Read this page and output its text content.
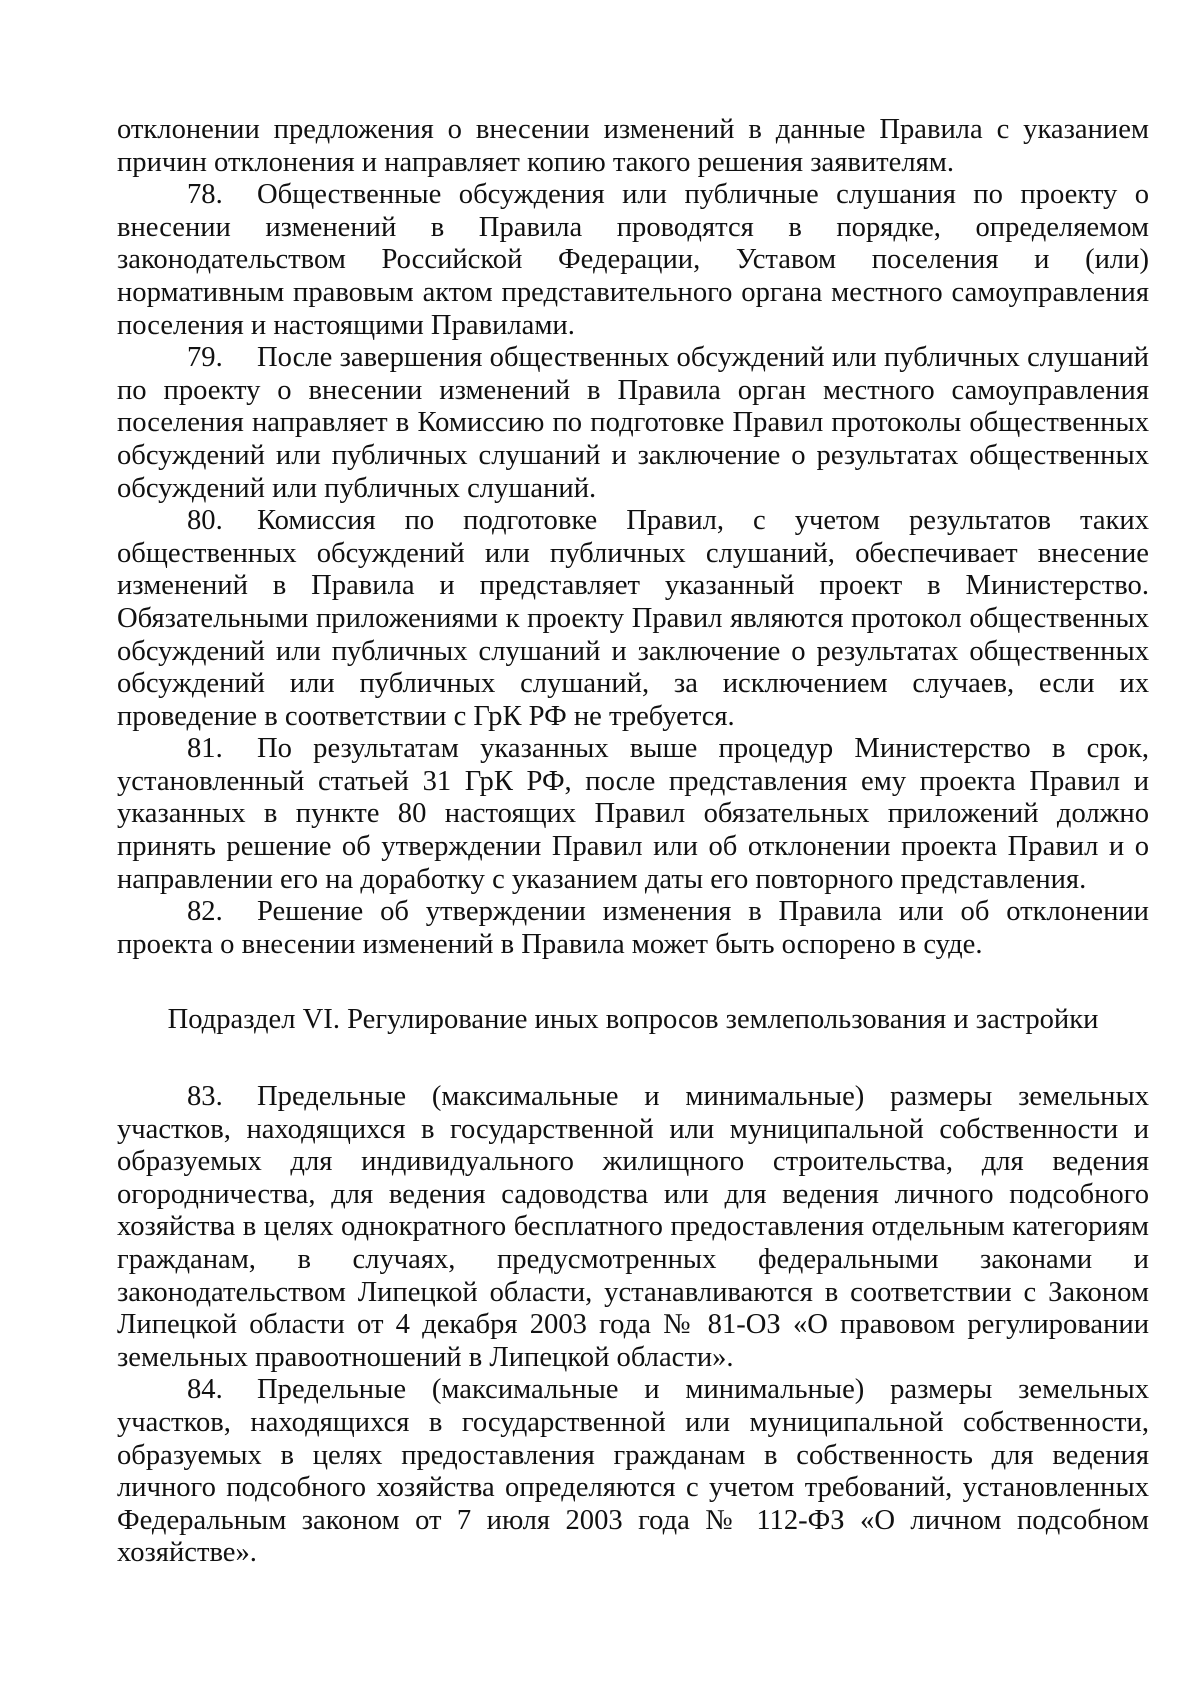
отклонении предложения о внесении изменений в данные Правила с указанием причин отклонения и направляет копию такого решения заявителям.

78. Общественные обсуждения или публичные слушания по проекту о внесении изменений в Правила проводятся в порядке, определяемом законодательством Российской Федерации, Уставом поселения и (или) нормативным правовым актом представительного органа местного самоуправления поселения и настоящими Правилами.

79. После завершения общественных обсуждений или публичных слушаний по проекту о внесении изменений в Правила орган местного самоуправления поселения направляет в Комиссию по подготовке Правил протоколы общественных обсуждений или публичных слушаний и заключение о результатах общественных обсуждений или публичных слушаний.

80. Комиссия по подготовке Правил, с учетом результатов таких общественных обсуждений или публичных слушаний, обеспечивает внесение изменений в Правила и представляет указанный проект в Министерство. Обязательными приложениями к проекту Правил являются протокол общественных обсуждений или публичных слушаний и заключение о результатах общественных обсуждений или публичных слушаний, за исключением случаев, если их проведение в соответствии с ГрК РФ не требуется.

81. По результатам указанных выше процедур Министерство в срок, установленный статьей 31 ГрК РФ, после представления ему проекта Правил и указанных в пункте 80 настоящих Правил обязательных приложений должно принять решение об утверждении Правил или об отклонении проекта Правил и о направлении его на доработку с указанием даты его повторного представления.

82. Решение об утверждении изменения в Правила или об отклонении проекта о внесении изменений в Правила может быть оспорено в суде.

Подраздел VI. Регулирование иных вопросов землепользования и застройки

83. Предельные (максимальные и минимальные) размеры земельных участков, находящихся в государственной или муниципальной собственности и образуемых для индивидуального жилищного строительства, для ведения огородничества, для ведения садоводства или для ведения личного подсобного хозяйства в целях однократного бесплатного предоставления отдельным категориям гражданам, в случаях, предусмотренных федеральными законами и законодательством Липецкой области, устанавливаются в соответствии с Законом Липецкой области от 4 декабря 2003 года № 81-ОЗ «О правовом регулировании земельных правоотношений в Липецкой области».

84. Предельные (максимальные и минимальные) размеры земельных участков, находящихся в государственной или муниципальной собственности, образуемых в целях предоставления гражданам в собственность для ведения личного подсобного хозяйства определяются с учетом требований, установленных Федеральным законом от 7 июля 2003 года № 112-ФЗ «О личном подсобном хозяйстве».
